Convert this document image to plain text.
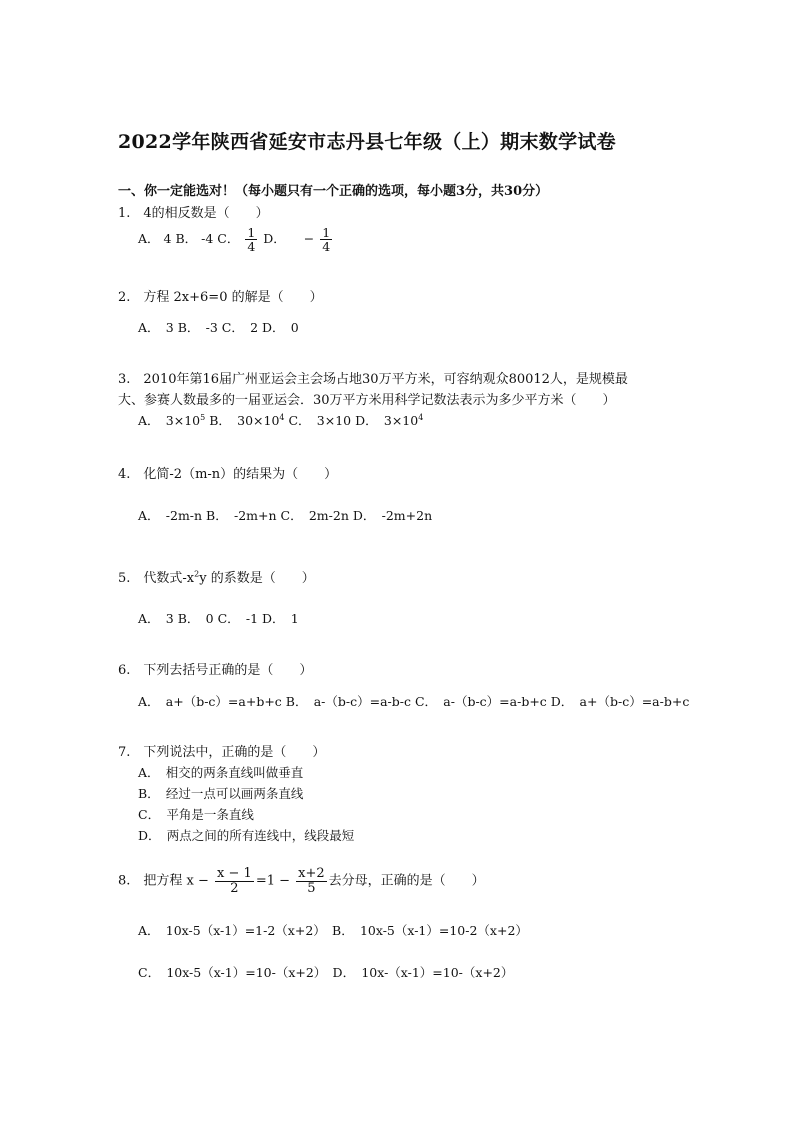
2022学年陕西省延安市志丹县七年级（上）期末数学试卷
一、你一定能选对！（每小题只有一个正确的选项，每小题3分，共30分）
1.　4的相反数是（　　）
A． 4 B． -4 C． $\frac{1}{4}$ D． − $\frac{1}{4}$
2.　方程 2x+6=0 的解是（　　）
A．　3 B．　-3 C．　2 D．　0
3.　2010年第16届广州亚运会主会场占地30万平方米，可容纳观众80012人，是规模最
大、参赛人数最多的一届亚运会．30万平方米用科学记数法表示为多少平方米（　　）
A．　$3\times 10^5$ B．　$30\times 10^4$ C．　3×10 D．　$3\times 10^4$
4.　化简-2（m-n）的结果为（　　）
A．　-2m-n B．　-2m+n C．　2m-2n D．　-2m+2n
5.　代数式$-x^2y$ 的系数是（　　）
A．　3 B．　0 C．　-1 D．　1
6.　下列去括号正确的是（　　）
A．　a+（b-c）=a+b+c B．　a-（b-c）=a-b-c C．　a-（b-c）=a-b+c D．　a+（b-c）=a-b+c
7.　下列说法中，正确的是（　　）
A．　相交的两条直线叫做垂直
B．　经过一点可以画两条直线
C．　平角是一条直线
D．　两点之间的所有连线中，线段最短
8.　把方程 $x - \frac{x - 1}{2} =1 - \frac{x+2}{5}$ 去分母，正确的是（　　）
A．　10x-5（x-1）=1-2（x+2）　B．　10x-5（x-1）=10-2（x+2）
C．　10x-5（x-1）=10-（x+2）　D．　10x-（x-1）=10-（x+2）
